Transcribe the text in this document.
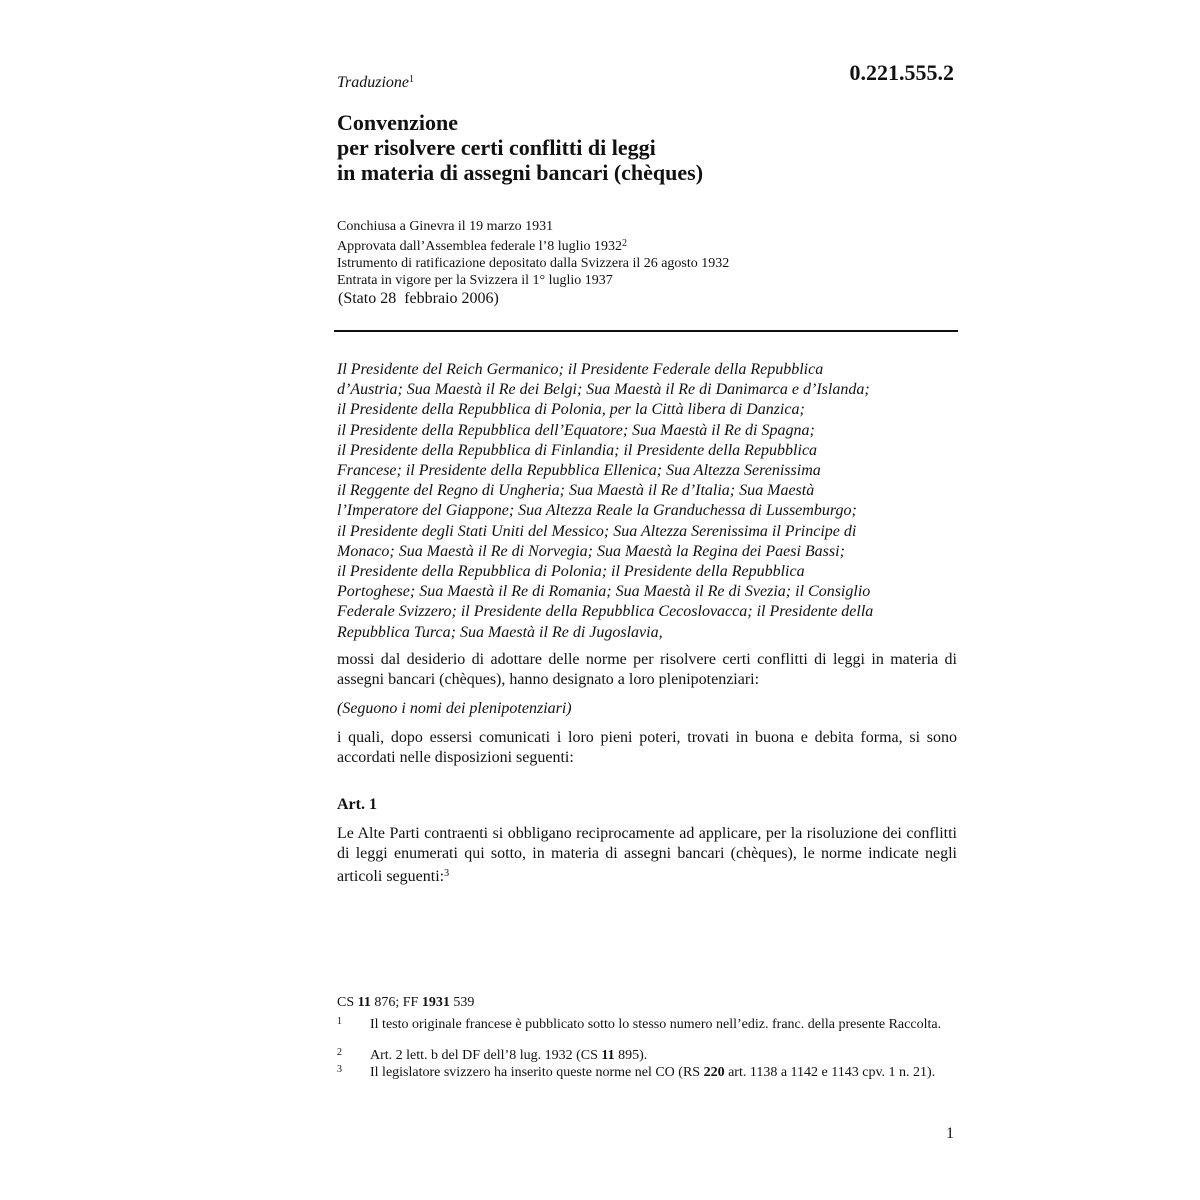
0.221.555.2
Traduzione$^1$
Convenzione
per risolvere certi conflitti di leggi
in materia di assegni bancari (chèques)
Conchiusa a Ginevra il 19 marzo 1931
Approvata dall’Assemblea federale l’8 luglio 1932$^2$
Istrumento di ratificazione depositato dalla Svizzera il 26 agosto 1932
Entrata in vigore per la Svizzera il 1° luglio 1937
(Stato 28  febbraio 2006)
Il Presidente del Reich Germanico; il Presidente Federale della Repubblica
d’Austria; Sua Maestà il Re dei Belgi; Sua Maestà il Re di Danimarca e d’Islanda;
il Presidente della Repubblica di Polonia, per la Città libera di Danzica;
il Presidente della Repubblica dell’Equatore; Sua Maestà il Re di Spagna;
il Presidente della Repubblica di Finlandia; il Presidente della Repubblica
Francese; il Presidente della Repubblica Ellenica; Sua Altezza Serenissima
il Reggente del Regno di Ungheria; Sua Maestà il Re d’Italia; Sua Maestà
l’Imperatore del Giappone; Sua Altezza Reale la Granduchessa di Lussemburgo;
il Presidente degli Stati Uniti del Messico; Sua Altezza Serenissima il Principe di
Monaco; Sua Maestà il Re di Norvegia; Sua Maestà la Regina dei Paesi Bassi;
il Presidente della Repubblica di Polonia; il Presidente della Repubblica
Portoghese; Sua Maestà il Re di Romania; Sua Maestà il Re di Svezia; il Consiglio
Federale Svizzero; il Presidente della Repubblica Cecoslovacca; il Presidente della
Repubblica Turca; Sua Maestà il Re di Jugoslavia,

mossi dal desiderio di adottare delle norme per risolvere certi conflitti di leggi in materia di assegni bancari (chèques), hanno designato a loro plenipotenziari:

(Seguono i nomi dei plenipotenziari)

i quali, dopo essersi comunicati i loro pieni poteri, trovati in buona e debita forma, si sono accordati nelle disposizioni seguenti:

Art. 1

Le Alte Parti contraenti si obbligano reciprocamente ad applicare, per la risoluzione dei conflitti di leggi enumerati qui sotto, in materia di assegni bancari (chèques), le norme indicate negli articoli seguenti:$^3$

CS 11 876; FF 1931 539
1 Il testo originale francese è pubblicato sotto lo stesso numero nell’ediz. franc. della presente Raccolta.
2 Art. 2 lett. b del DF dell’8 lug. 1932 (CS 11 895).
3 Il legislatore svizzero ha inserito queste norme nel CO (RS 220 art. 1138 a 1142 e 1143 cpv. 1 n. 21).
1
